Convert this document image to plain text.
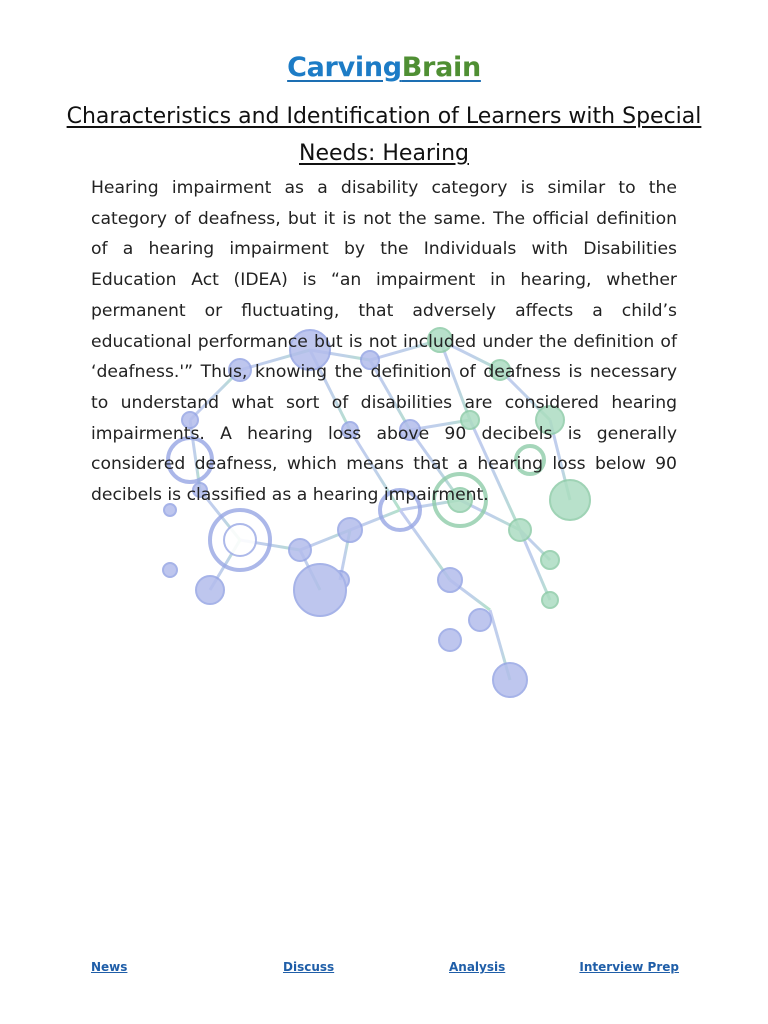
CarvingBrain
Characteristics and Identification of Learners with Special Needs: Hearing

Hearing impairment as a disability category is similar to the category of deafness, but it is not the same. The official definition of a hearing impairment by the Individuals with Disabilities Education Act (IDEA) is “an impairment in hearing, whether permanent or fluctuating, that adversely affects a child’s educational performance but is not included under the definition of ‘deafness.'” Thus, knowing the definition of deafness is necessary to understand what sort of disabilities are considered hearing impairments. A hearing loss above 90 decibels is generally considered deafness, which means that a hearing loss below 90 decibels is classified as a hearing impairment.

News	Discuss	Analysis	Interview Prep
